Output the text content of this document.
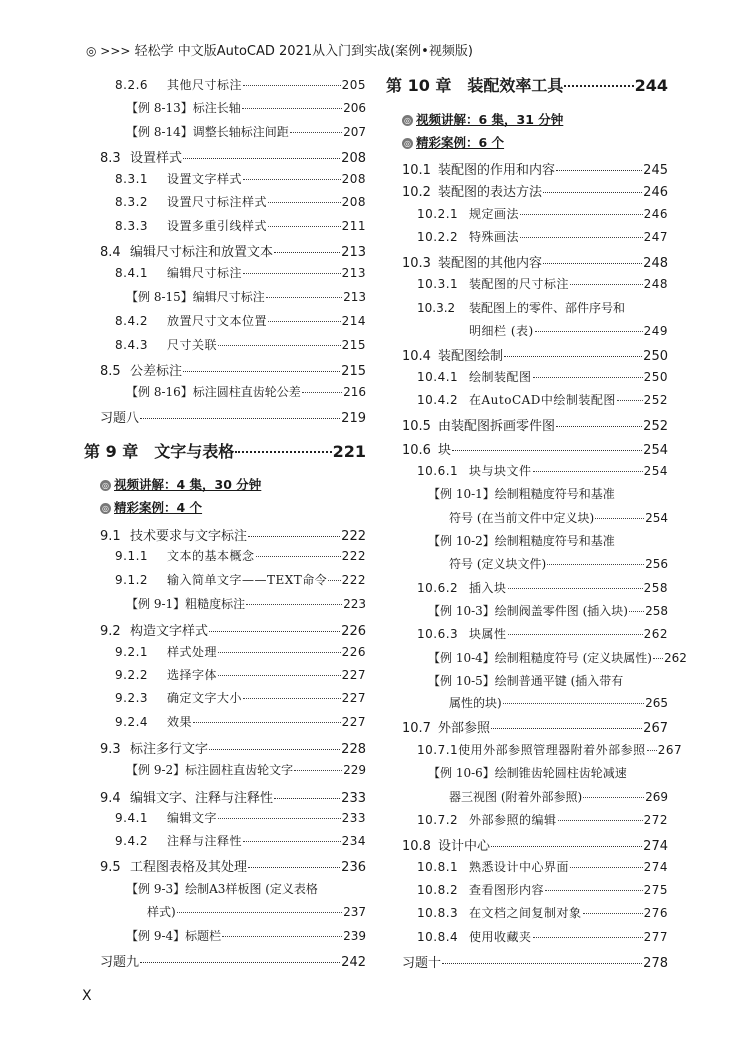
◎ >>> 轻松学 中文版AutoCAD 2021从入门到实战(案例•视频版)
8.2.6	其他尺寸标注	205
【例 8-13】标注长轴	206
【例 8-14】调整长轴标注间距	207
8.3 设置样式	208
8.3.1	设置文字样式	208
8.3.2	设置尺寸标注样式	208
8.3.3	设置多重引线样式	211
8.4 编辑尺寸标注和放置文本	213
8.4.1	编辑尺寸标注	213
【例 8-15】编辑尺寸标注	213
8.4.2	放置尺寸文本位置	214
8.4.3	尺寸关联	215
8.5 公差标注	215
【例 8-16】标注圆柱直齿轮公差	216
习题八	219
第 9 章　文字与表格	221
◎ 视频讲解：4 集，30 分钟
◎ 精彩案例：4 个
9.1 技术要求与文字标注	222
9.1.1	文本的基本概念	222
9.1.2	输入简单文字——TEXT命令 222
【例 9-1】粗糙度标注	223
9.2 构造文字样式	226
9.2.1	样式处理	226
9.2.2	选择字体	227
9.2.3	确定文字大小	227
9.2.4	效果	227
9.3 标注多行文字	228
【例 9-2】标注圆柱直齿轮文字	229
9.4 编辑文字、注释与注释性	233
9.4.1	编辑文字	233
9.4.2	注释与注释性	234
9.5 工程图表格及其处理	236
【例 9-3】绘制A3样板图 (定义表格
样式)	237
【例 9-4】标题栏	239
习题九	242
第 10 章　装配效率工具	244
◎ 视频讲解：6 集，31 分钟
◎ 精彩案例：6 个
10.1 装配图的作用和内容	245
10.2 装配图的表达方法	246
10.2.1 规定画法	246
10.2.2 特殊画法	247
10.3 装配图的其他内容	248
10.3.1 装配图的尺寸标注	248
10.3.2 装配图上的零件、部件序号和
明细栏 (表)	249
10.4 装配图绘制	250
10.4.1 绘制装配图	250
10.4.2 在AutoCAD中绘制装配图 252
10.5 由装配图拆画零件图	252
10.6 块	254
10.6.1 块与块文件	254
【例 10-1】绘制粗糙度符号和基准
符号 (在当前文件中定义块)	254
【例 10-2】绘制粗糙度符号和基准
符号 (定义块文件)	256
10.6.2 插入块	258
【例 10-3】绘制阀盖零件图 (插入块) 258
10.6.3 块属性	262
【例 10-4】绘制粗糙度符号 (定义块属性) 262
【例 10-5】绘制普通平键 (插入带有
属性的块)	265
10.7 外部参照	267
10.7.1 使用外部参照管理器附着外部参照 267
【例 10-6】绘制锥齿轮圆柱齿轮减速
器三视图 (附着外部参照)	269
10.7.2 外部参照的编辑	272
10.8 设计中心	274
10.8.1 熟悉设计中心界面	274
10.8.2 查看图形内容	275
10.8.3 在文档之间复制对象	276
10.8.4 使用收藏夹	277
习题十	278
X
